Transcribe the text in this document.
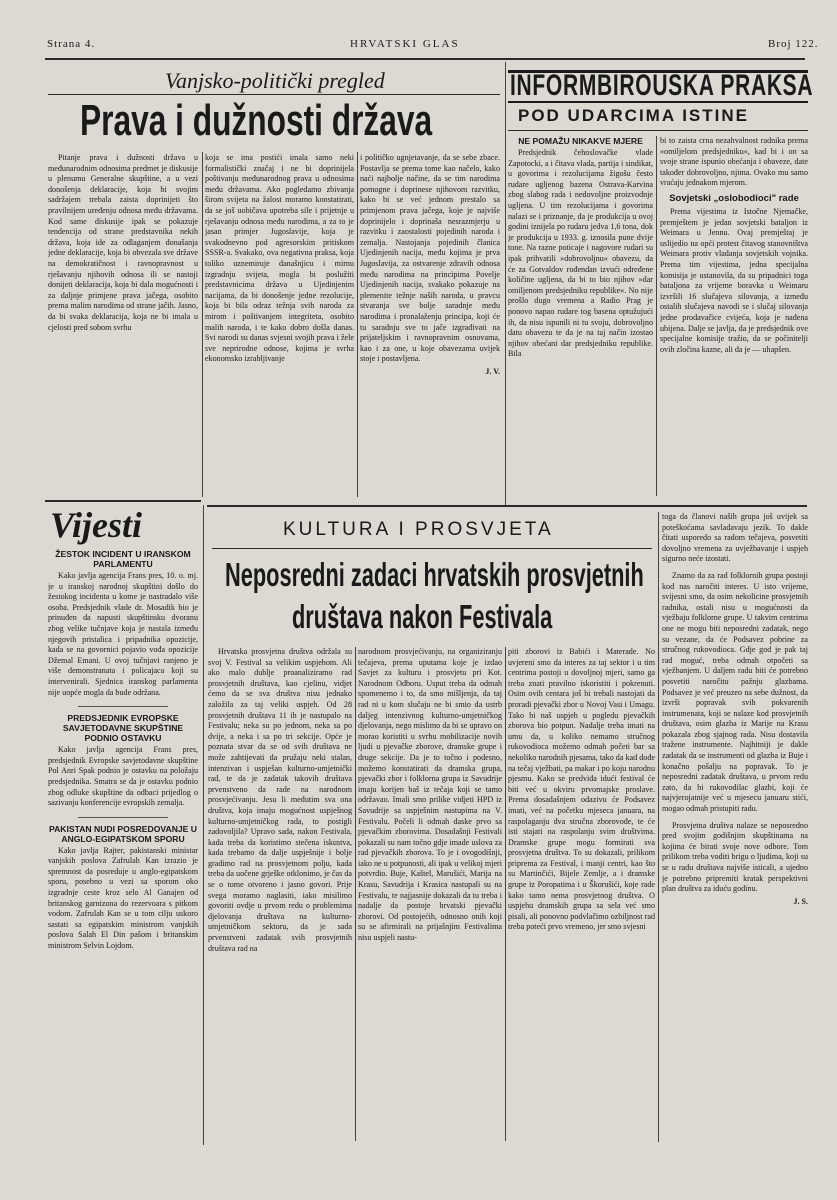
Strana 4.	HRVATSKI GLAS	Broj 122.
Vanjsko-politički pregled
Prava i dužnosti država

Pitanje prava i dužnosti država u međunarodnim odnosima predmet je diskusije u plenumu Generalne skupštine, a u vezi donošenja deklaracije, koja bi svojim sadržajem trebala zaista doprinijeti što pravilnijem uređenju odnosa među državama. Kod same diskusije ipak se pokazuje tendencija od strane predstavnika nekih država, koja ide za odlaganjem donašanja jedne deklaracije, koja bi obvezala sve države na demokratičnost i ravnopravnost u rješavanju njihovih odnosa ili se nastoji donijeti deklaracija, koja bi dala mogućnosti i za daljnje primjene prava jačega, osobito prema malim narodima od strane jačih. Jasno, da bi svaka deklaracija, koja ne bi imala u cjelosti pred sobom svrhu

koja se ima postići imala samo neki formalistički značaj i ne bi doprinijela poštivanju međunarodnog prava u odnosima među državama. Ako pogledamo zbivanja širom svijeta na žalost moramo konstatirati, da se još uobičava upotreba sile i prijetnje u rješavanju odnosa među narodima, a za to je jasan primjer Jugoslavije, koja je svakodnevno pod agresorskim pritiskom SSSR-a. Svakako, ova negativna praksa, koja toliko uznemiruje današnjicu i mirnu izgradnju svijeta, mogla bi poslužiti predstavnicima država u Ujedinjenim nacijama, da bi donošenje jedne rezolucije, koja bi bila odraz težnja svih naroda za mirom i poštivanjem integriteta, osobito malih naroda, i te kako dobro došla danas. Svi narodi su danas svjesni svojih prava i žele sve neprirodne odnose, kojima je svrha ekonomsko izrabljivanje

i političko ugnjetavanje, da se sebe zbace. Postavlja se prema tome kao načelo, kako naći najbolje načine, da se tim narodima pomogne i doprinese njihovom razvitku, kako bi se već jednom prestalo sa primjenom prava jačega, koje je najviše doprinijelo i doprinaša nesrazmjerju u razvitku i zaostalosti pojedinih naroda i zemalja. Nastojanja pojedinih članica Ujedinjenih nacija, među kojima je prva Jugoslavija, za ostvarenje zdravih odnosa među narodima na principima Povelje Ujedinjenih nacija, svakako pokazuje na plemenite težnje naših naroda, u pravcu stvaranja sve bolje saradnje među narodima i pronalaženju principa, koji će tu saradnju sve to jače izgrađivati na prijateljskim i ravnopravnim osnovama, kao i za one, u koje obavezama uvijek stoje i postavljena.

J. V.
INFORMBIROUSKA PRAKSA
POD UDARCIMA ISTINE
NE POMAŽU NIKAKVE MJERE

Predsjednik čehoslovačke vlade Zapotocki, a i čitava vlada, partija i sindikat, u govorima i rezolucijama žigošu često rudare ugljenog bazena Ostrava-Karvina zbog slabog rada i nedovoljne proizvodnje ugljena. U tim rezolucijama i govorima nalazi se i priznanje, da je produkcija u ovoj godini iznijela po rudaru jedva 1,6 tona, dok je produkcija u 1933. g. iznosila pune dvije tone. Na razne poticaje i nagovore rudari su ipak prihvatili »dobrovoljnu« obavezu, da će za Gotvaldov rođendan izvući određene količine ugljena, da bi to bio njihov »dar omiljenom predsjedniku republike«. No nije prošlo dugo vremena a Radio Prag je ponovo napao rudare tog basena optužujući ih, da nisu ispunili ni tu svoju, dobrovoljno datu obavezu te da je na taj način izostao njihov obećani dar predsjedniku republike. Bila

bi to zaista crna nezahvalnost radnika prema »omiljelom predsjedniku«, kad bi i on sa svoje strane ispunio obećanja i obaveze, date također dobrovoljno, njima. Ovako mu samo vraćaju jednakom mjerom.

Sovjetski „oslobodioci" rade

Prema vijestima iz Istočne Njemačke, premještem je jedan sovjetski bataljon iz Weimara u Jennu. Ovaj premještaj je uslijedio na opći protest čitavog stanovništva Weimara protiv vladanja sovjetskih vojnika. Prema tim vijestima, jedna specijalna komisija je ustanovila, da su pripadnici toga bataljona za vrijeme boravka u Weimaru izvršili 16 slučajeva silovanja, a između ostalih slučajeva navodi se i slučaj silovanja jedne prodavačice cvijeća, koja je nađena ubijena. Dalje se javlja, da je predsjednik ove specijalne komisije tražio, da se počinitelji ovih zločina kazne, ali da je — uhapšen.

Vijesti
ŽESTOK INCIDENT U IRANSKOM PARLAMENTU

Kako javlja agencija Frans pres, 10. o. mj. je u iranskoj narodnoj skupštini došlo do žestokog incidenta u kome je nastradalo više osoba. Predsjednik vlade dr. Mosadik bio je prinuđen da napusti skupštinsku dvoranu zbog velike tučnjave koja je nastala između njegovih pristalica i pripadnika opozicije, kada se na govornici pojavio vođa opozicije Džemal Emani. U ovoj tučnjavi ranjeno je više demonstranata i policajaca koji su intervenirali. Sjednica iranskog parlamenta nije uopće mogla da bude održana.

PREDSJEDNIK EVROPSKE SAVJETODAVNE SKUPŠTINE PODNIO OSTAVKU

Kako javlja agencija Frans pres, predsjednik Evropske savjetodavne skupštine Pol Anri Spak podnio je ostavku na položaju predsjednika. Smatra se da je ostavku podnio zbog odluke skupštine da odbaci prijedlog o sazivanju konferencije evropskih zemalja.

PAKISTAN NUDI POSREDOVANJE U ANGLO-EGIPATSKOM SPORU

Kako javlja Rajter, pakistanski ministar vanjskih poslova Zafrulah Kan izrazio je spremnost da posreduje u anglo-egipatskom sporu, posebno u vezi sa sporom oko izgradnje ceste kroz selo Al Ganajen od britanskog garnizona do rezervoara s pitkom vodom. Zafrulah Kan se u tom cilju uskoro sastati sa egipatskim ministrom vanjskih poslova Salah El Din pašom i britanskim ministrom Selvin Lojdom.

KULTURA I PROSVJETA
Neposredni zadaci hrvatskih prosvjetnih
društava nakon Festivala

Hrvatska prosvjetna društva održala su svoj V. Festival sa velikim uspjehom. Ali ako malo dublje proanaliziramo rad prosvjetnih društava, kao cjelinu, vidjet ćemo da se sva društva nisu jednako založila za taj veliki uspjeh. Od 28 prosvjetnih društava 11 ih je nastupalo na Festivalu; neka su po jednom, neka sa po dvije, a neka i sa po tri sekcije. Opće je poznata stvar da se od svih društava ne može zahtijevati da pružaju neki stalan, intenzivan i uspješan kulturno-umjetnički rad, te da je zadatak takovih društava prvenstveno da rade na narodnom prosvjećivanju. Jesu li međutim sva ona društva, koja imaju mogućnost uspješnog kulturno-umjetničkog rada, to postigli zadovoljila? Upravo sada, nakon Festivala, kada treba da koristimo stečena iskustva, kada trebamo da dalje uspješnije i bolje gradimo rad na prosvjetnom polju, kada treba da uočene grješke otklonimo, je čas da se o tome otvoreno i jasno govori. Prije svega moramo naglasiti, iako misilimo govoriti ovdje u prvom redu o problemima djelovanja društava na kulturno-umjetničkom sektoru, da je sada prvenstveni zadatak svih prosvjetnih društava rad na

narodnom prosvjećivanju, na organiziranju tečajeva, prema uputama koje je izdao Savjet za kulturu i prosvjetu pri Kot. Narodnom Odboru. Usput treba da odmah spomenemo i to, da smo mišljenja, da taj rad ni u kom slučaju ne bi smio da ustrb daljeg intenzivnog kulturno-umjetničkog djelovanja, nego mislimo da bi se upravo on morao koristiti u svrhu mobilizacije novih ljudi u pjevačke zborove, dramske grupe i druge sekcije. Da je to točno i podesno, možemo konstatirati da dramska grupa, pjevački zbor i folklorna grupa iz Savudrije imaju korijen baš iz tečaja koji se tamo održavao. Imali smo prilike vidjeti HPD iz Savudrije sa uspješnim nastupima na V. Festivalu. Počeli li odmah daske prvo sa pjevačkim zborovima. Dosadašnji Festivali pokazali su nam točno gdje imade uslova za rad pjevačkih zborova. To je i ovogodišnji, iako ne u potpunosti, ali ipak u velikoj mjeri potvrdio. Buje, Kaštel, Marušići, Marija na Krasu, Savudrija i Krasica nastupali su na Festivalu, te najjasnije dokazali da tu treba i nadalje da postoje hrvatski pjevački zborovi. Od postojećih, odnosno onih koji su se afirmirali na prijašnjim Festivalima nisu uspjeli nastu-

piti zborovi iz Babići i Materade. No uvjereni smo da interes za taj sektor i u tim centrima postoji u dovoljnoj mjeri, samo ga treba znati pravilno iskoristiti i pokrenuti. Osim ovih centara još bi trebali nastojati da proradi pjevački zbor u Novoj Vasi i Umagu. Tako bi naš uspjeh u pogledu pjevačkih zborova bio potpun. Nadalje treba imati na umu da, u koliko nemamo stručnog rukovodioca možemo odmah početi bar sa nekoliko narodnih pjesama, tako da kad dođe na tečaj vježbati, pa makar i po koju narodnu pjesmu. Kako se predviđa idući festival će biti već u okviru prvomajske proslave. Prema dosadašnjem odazivu će Podsavez imati, već na početku mjeseca januara, na raspolaganju dva stručna zborovođe, te će isti stajati na raspolanju svim društvima. Dramske grupe mogu formirati sva prosvjetna društva. To su dokazali, prilikom priprema za Festival, i manji centri, kao što su Martinčići, Bijele Zemlje, a i dramske grupe iz Poropatima i u Škorušići, koje rade kako tamo nema prosvjetnog društva. O uspjehu dramskih grupa sa sela već smo pisali, ali ponovno podvlačimo ozbiljnost rad treba poteći prvo vremeno, jer smo svjesni

toga da članovi naših grupa još uvijek sa poteškoćama savladavaju jezik. To dakle čitati usporedo sa radom tečajeva, posvetiti dovoljno vremena za uvježbavanje i uspjeh sigurno neće izostati.

Znamo da za rad folklornih grupa postoji kod nas naročiti interes. U isto vrijeme, svijesni smo, da osim nekolicine prosvjetnih radnika, ostali nisu u mogućnosti da vježbaju folklorne grupe. U takvim centrima one ne mogu biti neposredni zadatak, nego su vezane, da će Podsavez pobrine za stručnog rukovodioca. Gdje god je pak taj rad moguć, treba odmah otpočeti sa vježbanjem. U daljem radu biti će potrebno posvetiti naročitu pažnju glazbama. Podsavez je već preuzeo na sebe dužnost, da izvrši popravak svih pokvarenih instrumenata, koji se nalaze kod prosvjetnih društava, osim glazba iz Marije na Krasu pokazala zbog sjajnog rada. Nisu dostavila tražene instrumente. Najhitniji je dakle zadatak da se instrumenti od glazba iz Buje i konačno pošalju na popravak. To je neposredni zadatak društava, u prvom redu zato, da bi rukovodilac glazbi, koji će najvjerojatnije već u mjesecu januaru stići, mogao odmah pristupiti radu.

Prosvjetna društva nalaze se neposredno pred svojim godišnjim skupštinama na kojima će birati svoje nove odbore. Tom prilikom treba voditi brigu o ljudima, koji su se u radu društava najviše isticali, a ujedno je potrebno pripremiti kratak perspektivni plan društva za iduću godinu.

J. S.
